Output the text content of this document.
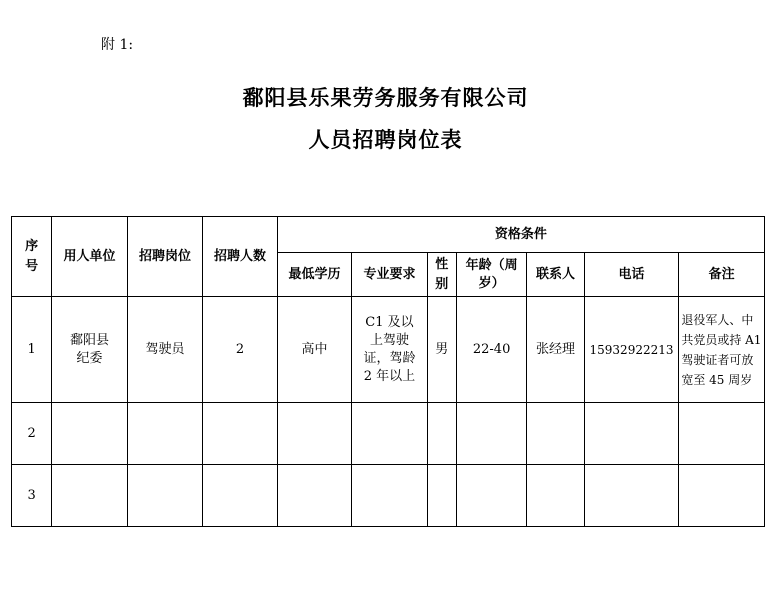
附 1:
鄱阳县乐果劳务服务有限公司
人员招聘岗位表
序号	用人单位	招聘岗位	招聘人数	资格条件						
				最低学历	专业要求	性别	年龄（周岁）	联系人	电话	备注
1	鄱阳县纪委	驾驶员	2	高中	C1 及以上驾驶证，驾龄 2 年以上	男	22-40	张经理	15932922213	退役军人、中共党员或持 A1 驾驶证者可放宽至 45 周岁
2										
3										
